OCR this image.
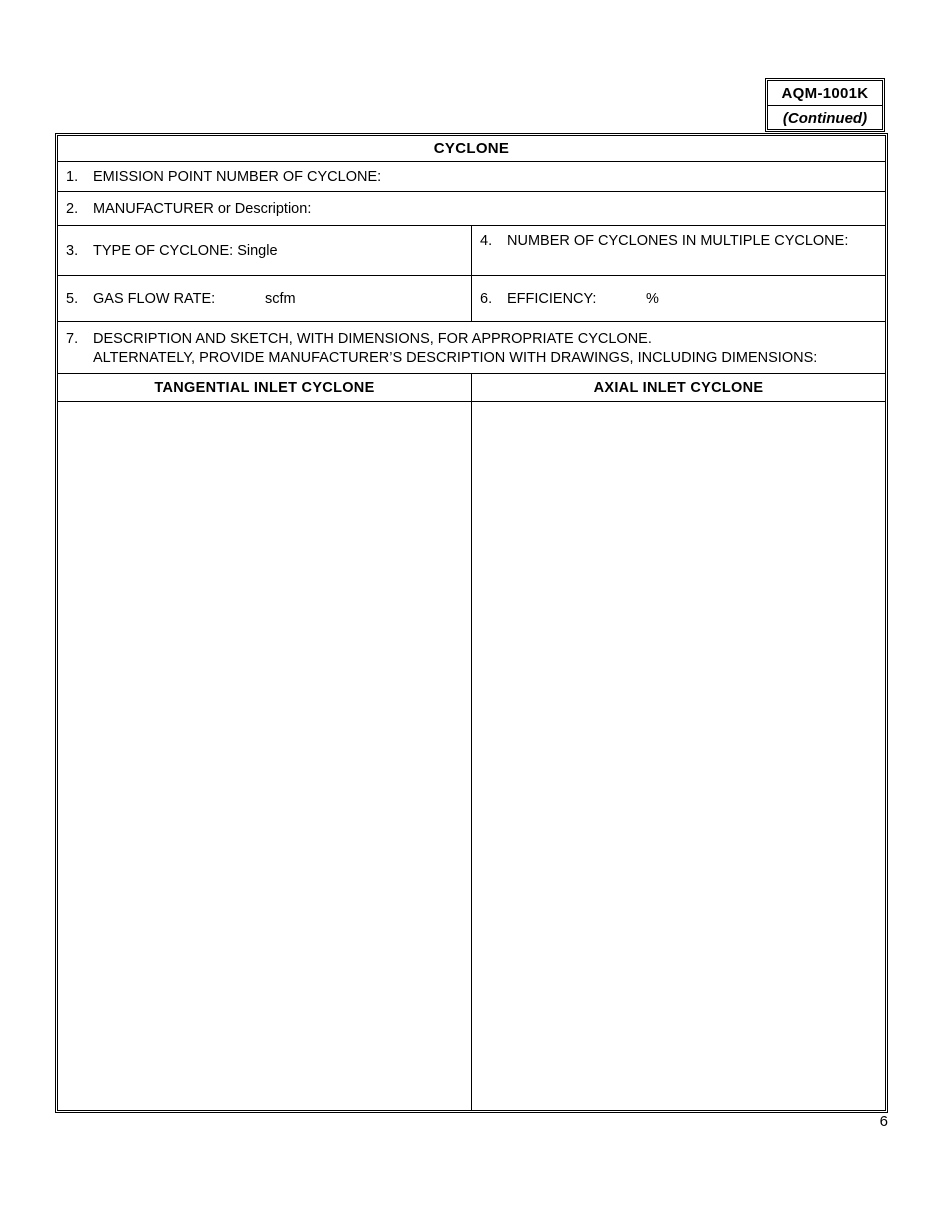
AQM-1001K
(Continued)
CYCLONE
1.	EMISSION POINT NUMBER OF CYCLONE:
2.	MANUFACTURER or Description:
3.	TYPE OF CYCLONE: Single
4.	NUMBER OF CYCLONES IN MULTIPLE CYCLONE:
5.	GAS FLOW RATE:	scfm	6.	EFFICIENCY:	%
7.	DESCRIPTION AND SKETCH, WITH DIMENSIONS, FOR APPROPRIATE CYCLONE.
ALTERNATELY, PROVIDE MANUFACTURER’S DESCRIPTION WITH DRAWINGS, INCLUDING DIMENSIONS:
TANGENTIAL INLET CYCLONE	AXIAL INLET CYCLONE
6
